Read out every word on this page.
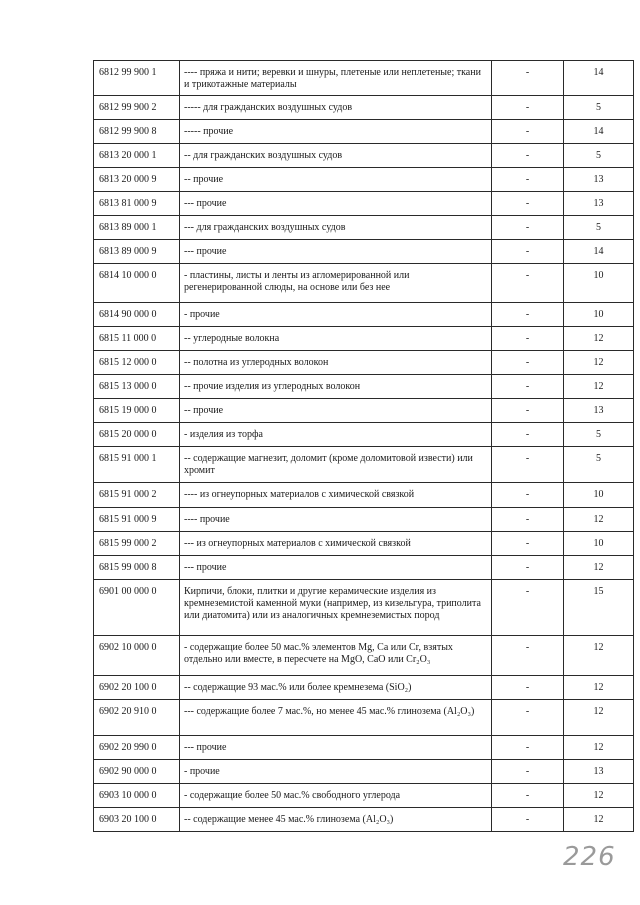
6812 99 900 1	---- пряжа и нити; веревки и шнуры, плетеные или неплетеные; ткани и трикотажные материалы	-	14
6812 99 900 2	----- для гражданских воздушных судов	-	5
6812 99 900 8	----- прочие	-	14
6813 20 000 1	-- для гражданских воздушных судов	-	5
6813 20 000 9	-- прочие	-	13
6813 81 000 9	--- прочие	-	13
6813 89 000 1	--- для гражданских воздушных судов	-	5
6813 89 000 9	--- прочие	-	14
6814 10 000 0	- пластины, листы и ленты из агломерированной или регенерированной слюды, на основе или без нее	-	10
6814 90 000 0	- прочие	-	10
6815 11 000 0	-- углеродные волокна	-	12
6815 12 000 0	-- полотна из углеродных волокон	-	12
6815 13 000 0	-- прочие изделия из углеродных волокон	-	12
6815 19 000 0	-- прочие	-	13
6815 20 000 0	- изделия из торфа	-	5
6815 91 000 1	-- содержащие магнезит, доломит (кроме доломитовой извести) или хромит	-	5
6815 91 000 2	---- из огнеупорных материалов с химической связкой	-	10
6815 91 000 9	---- прочие	-	12
6815 99 000 2	--- из огнеупорных материалов с химической связкой	-	10
6815 99 000 8	--- прочие	-	12
6901 00 000 0	Кирпичи, блоки, плитки и другие керамические изделия из кремнеземистой каменной муки (например, из кизельгура, триполита или диатомита) или из аналогичных кремнеземистых пород	-	15
6902 10 000 0	- содержащие более 50 мас.% элементов Mg, Ca или Cr, взятых отдельно или вместе, в пересчете на MgO, CaO или Cr₂O₃	-	12
6902 20 100 0	-- содержащие 93 мас.% или более кремнезема (SiO₂)	-	12
6902 20 910 0	--- содержащие более 7 мас.%, но менее 45 мас.% глинозема (Al₂O₃)	-	12
6902 20 990 0	--- прочие	-	12
6902 90 000 0	- прочие	-	13
6903 10 000 0	- содержащие более 50 мас.% свободного углерода	-	12
6903 20 100 0	-- содержащие менее 45 мас.% глинозема (Al₂O₃)	-	12
226
